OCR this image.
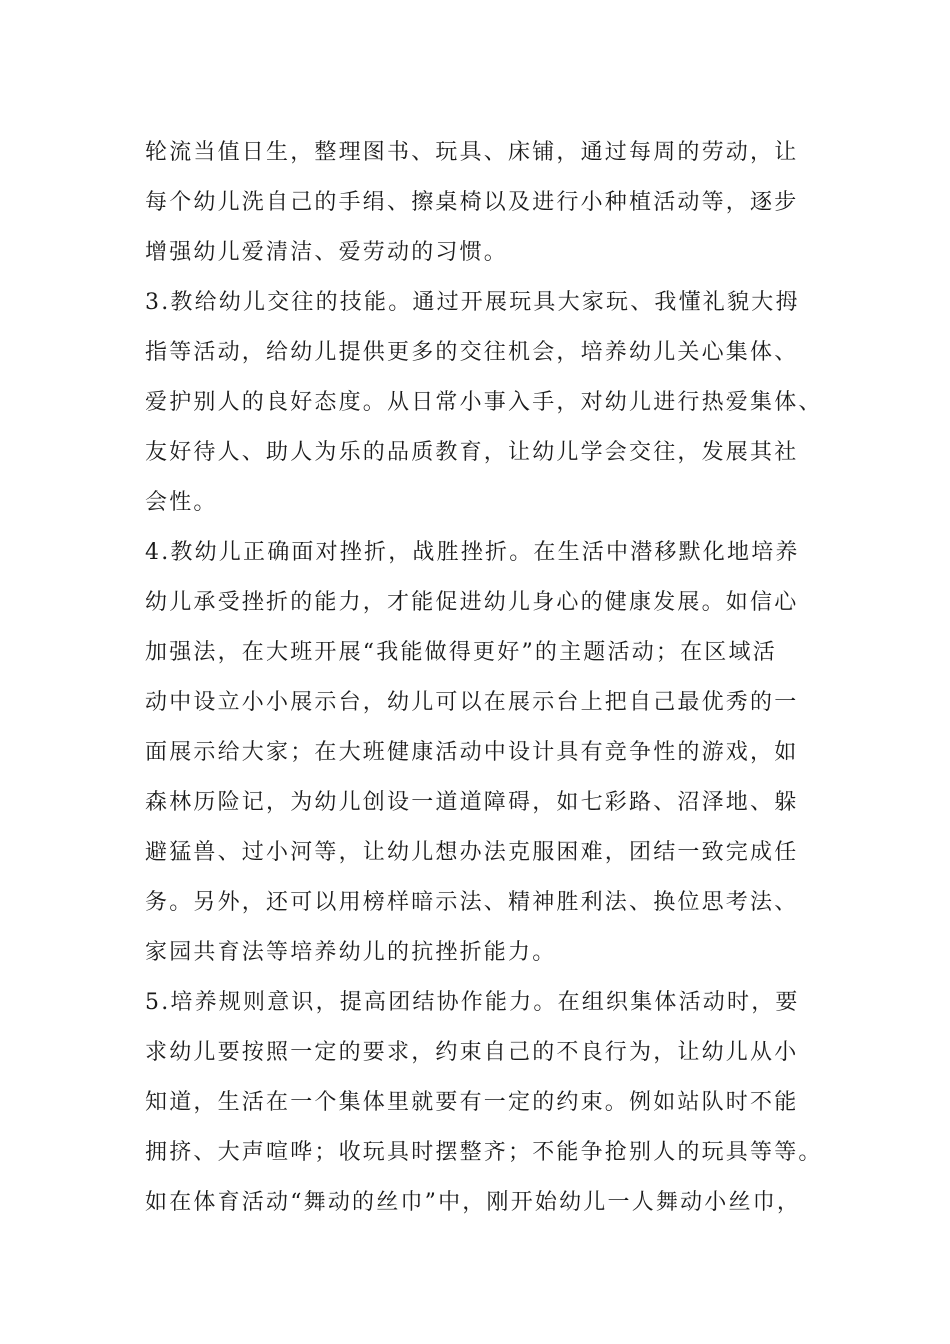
轮流当值日生，整理图书、玩具、床铺，通过每周的劳动，让
每个幼儿洗自己的手绢、擦桌椅以及进行小种植活动等，逐步
增强幼儿爱清洁、爱劳动的习惯。
3.教给幼儿交往的技能。通过开展玩具大家玩、我懂礼貌大拇
指等活动，给幼儿提供更多的交往机会，培养幼儿关心集体、
爱护别人的良好态度。从日常小事入手，对幼儿进行热爱集体、
友好待人、助人为乐的品质教育，让幼儿学会交往，发展其社
会性。
4.教幼儿正确面对挫折，战胜挫折。在生活中潜移默化地培养
幼儿承受挫折的能力，才能促进幼儿身心的健康发展。如信心
加强法，在大班开展“我能做得更好”的主题活动；在区域活
动中设立小小展示台，幼儿可以在展示台上把自己最优秀的一
面展示给大家；在大班健康活动中设计具有竞争性的游戏，如
森林历险记，为幼儿创设一道道障碍，如七彩路、沼泽地、躲
避猛兽、过小河等，让幼儿想办法克服困难，团结一致完成任
务。另外，还可以用榜样暗示法、精神胜利法、换位思考法、
家园共育法等培养幼儿的抗挫折能力。
5.培养规则意识，提高团结协作能力。在组织集体活动时，要
求幼儿要按照一定的要求，约束自己的不良行为，让幼儿从小
知道，生活在一个集体里就要有一定的约束。例如站队时不能
拥挤、大声喧哗；收玩具时摆整齐；不能争抢别人的玩具等等。
如在体育活动“舞动的丝巾”中，刚开始幼儿一人舞动小丝巾，
